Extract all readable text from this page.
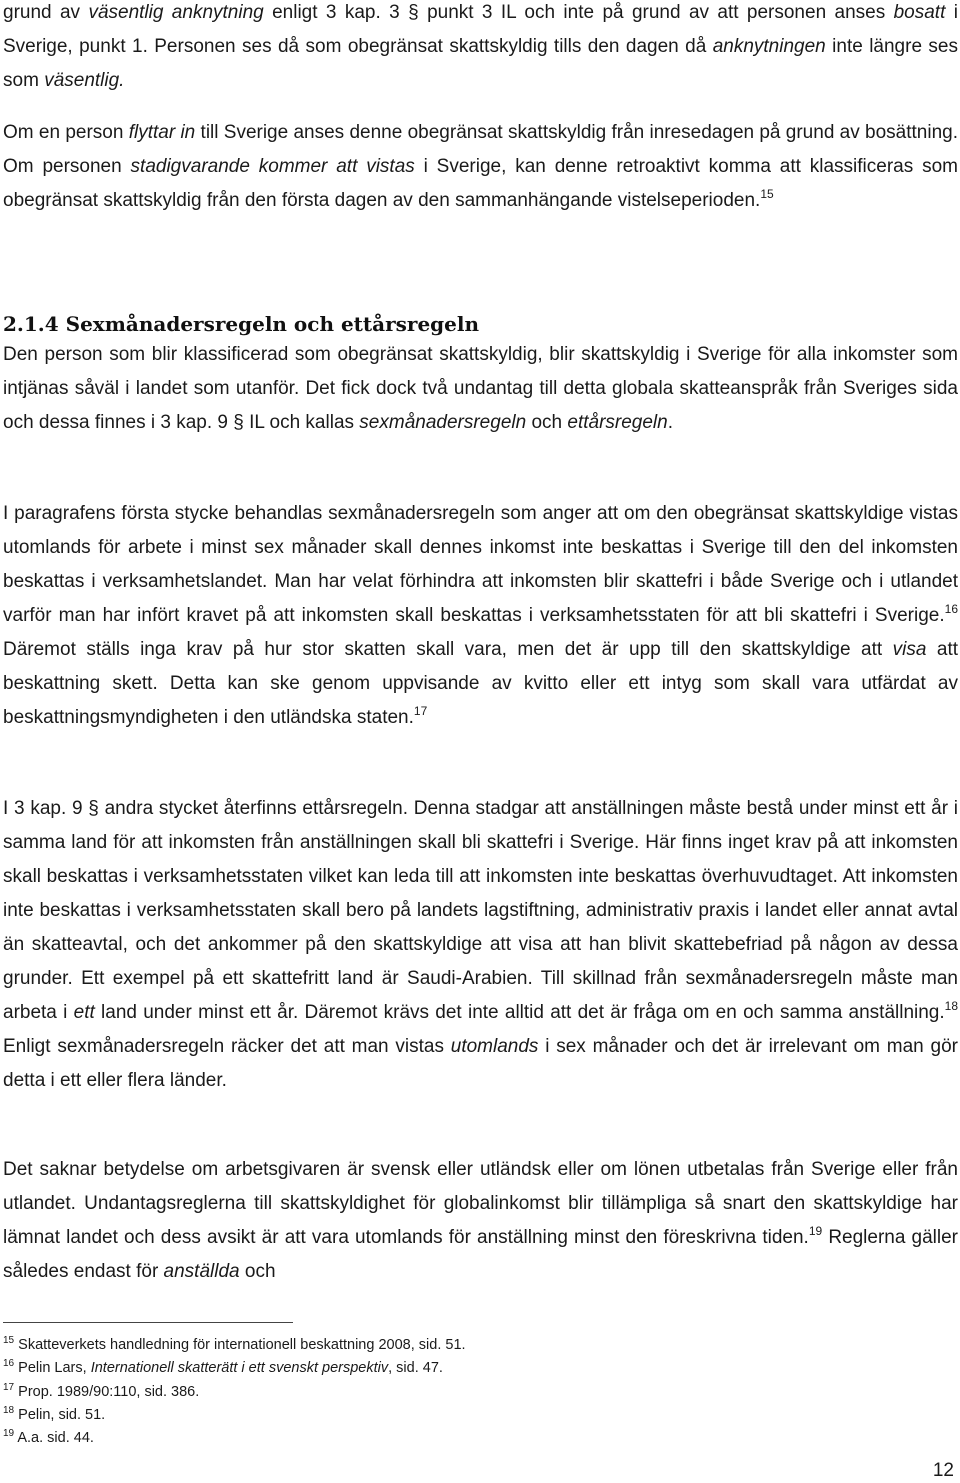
grund av väsentlig anknytning enligt 3 kap. 3 § punkt 3 IL och inte på grund av att personen anses bosatt i Sverige, punkt 1. Personen ses då som obegränsat skattskyldig tills den dagen då anknytningen inte längre ses som väsentlig.

Om en person flyttar in till Sverige anses denne obegränsat skattskyldig från inresedagen på grund av bosättning. Om personen stadigvarande kommer att vistas i Sverige, kan denne retroaktivt komma att klassificeras som obegränsat skattskyldig från den första dagen av den sammanhängande vistelseperioden.$^{15}$

2.1.4 Sexmånadersregeln och ettårsregeln

Den person som blir klassificerad som obegränsat skattskyldig, blir skattskyldig i Sverige för alla inkomster som intjänas såväl i landet som utanför. Det fick dock två undantag till detta globala skatteanspråk från Sveriges sida och dessa finnes i 3 kap. 9 § IL och kallas sexmånadersregeln och ettårsregeln.

I paragrafens första stycke behandlas sexmånadersregeln som anger att om den obegränsat skattskyldige vistas utomlands för arbete i minst sex månader skall dennes inkomst inte beskattas i Sverige till den del inkomsten beskattas i verksamhetslandet. Man har velat förhindra att inkomsten blir skattefri i både Sverige och i utlandet varför man har infört kravet på att inkomsten skall beskattas i verksamhetsstaten för att bli skattefri i Sverige.$^{16}$ Däremot ställs inga krav på hur stor skatten skall vara, men det är upp till den skattskyldige att visa att beskattning skett. Detta kan ske genom uppvisande av kvitto eller ett intyg som skall vara utfärdat av beskattningsmyndigheten i den utländska staten.$^{17}$

I 3 kap. 9 § andra stycket återfinns ettårsregeln. Denna stadgar att anställningen måste bestå under minst ett år i samma land för att inkomsten från anställningen skall bli skattefri i Sverige. Här finns inget krav på att inkomsten skall beskattas i verksamhetsstaten vilket kan leda till att inkomsten inte beskattas överhuvudtaget. Att inkomsten inte beskattas i verksamhetsstaten skall bero på landets lagstiftning, administrativ praxis i landet eller annat avtal än skatteavtal, och det ankommer på den skattskyldige att visa att han blivit skattebefriad på någon av dessa grunder. Ett exempel på ett skattefritt land är Saudi-Arabien. Till skillnad från sexmånadersregeln måste man arbeta i ett land under minst ett år. Däremot krävs det inte alltid att det är fråga om en och samma anställning.$^{18}$ Enligt sexmånadersregeln räcker det att man vistas utomlands i sex månader och det är irrelevant om man gör detta i ett eller flera länder.

Det saknar betydelse om arbetsgivaren är svensk eller utländsk eller om lönen utbetalas från Sverige eller från utlandet. Undantagsreglerna till skattskyldighet för globalinkomst blir tillämpliga så snart den skattskyldige har lämnat landet och dess avsikt är att vara utomlands för anställning minst den föreskrivna tiden.$^{19}$ Reglerna gäller således endast för anställda och

$^{15}$ Skatteverkets handledning för internationell beskattning 2008, sid. 51.
$^{16}$ Pelin Lars, Internationell skatterätt i ett svenskt perspektiv, sid. 47.
$^{17}$ Prop. 1989/90:110, sid. 386.
$^{18}$ Pelin, sid. 51.
$^{19}$ A.a. sid. 44.
12
